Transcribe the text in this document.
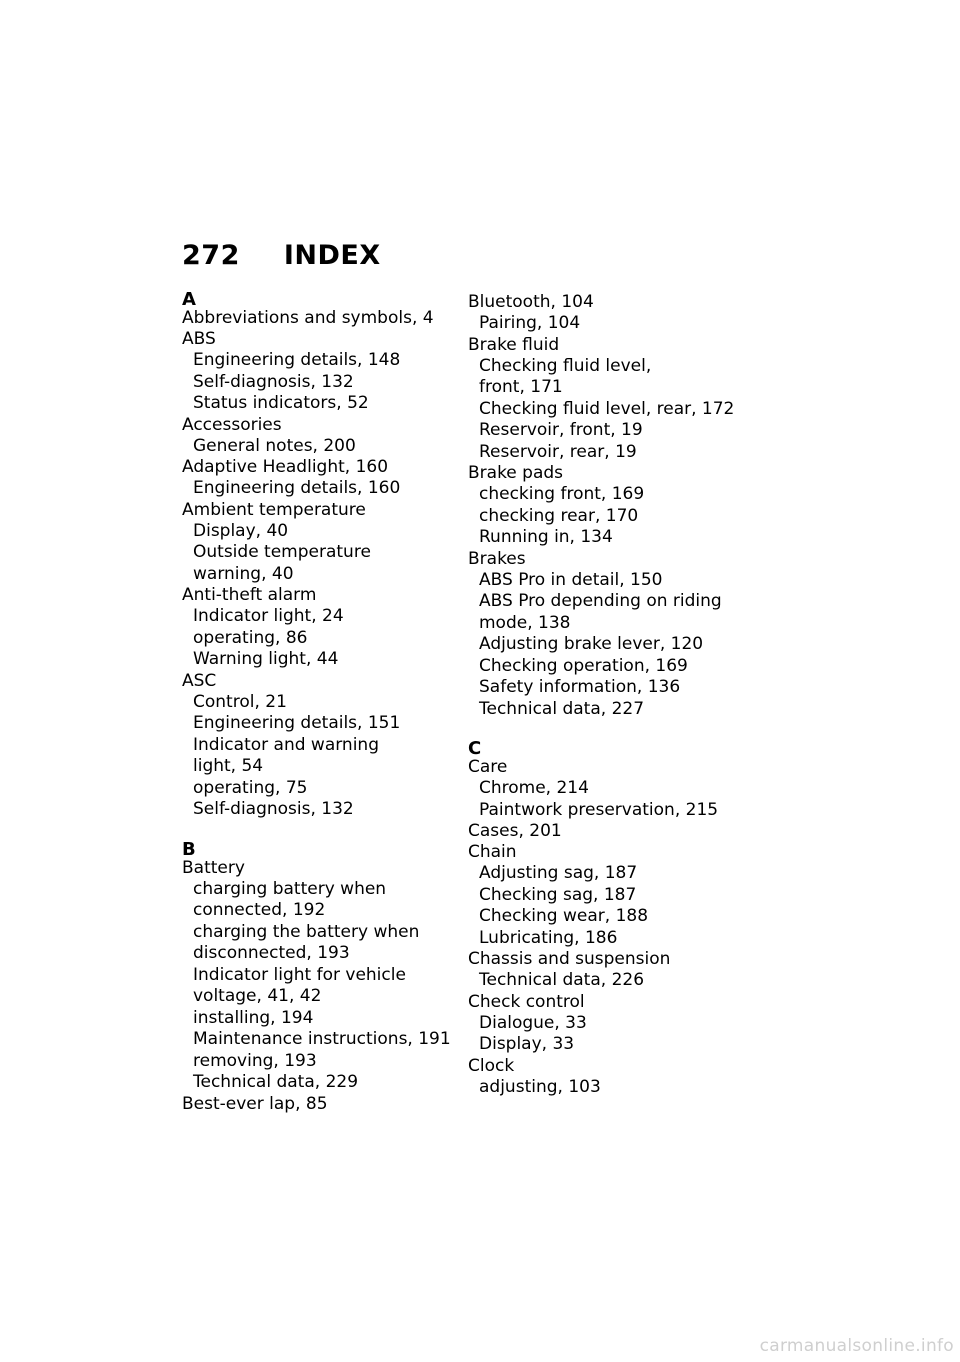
272 INDEX
A
Abbreviations and symbols, 4
ABS
Engineering details, 148
Self-diagnosis, 132
Status indicators, 52
Accessories
General notes, 200
Adaptive Headlight, 160
Engineering details, 160
Ambient temperature
Display, 40
Outside temperature
warning, 40
Anti-theft alarm
Indicator light, 24
operating, 86
Warning light, 44
ASC
Control, 21
Engineering details, 151
Indicator and warning
light, 54
operating, 75
Self-diagnosis, 132
B
Battery
charging battery when
connected, 192
charging the battery when
disconnected, 193
Indicator light for vehicle
voltage, 41, 42
installing, 194
Maintenance instructions, 191
removing, 193
Technical data, 229
Best-ever lap, 85
Bluetooth, 104
Pairing, 104
Brake fluid
Checking fluid level,
front, 171
Checking fluid level, rear, 172
Reservoir, front, 19
Reservoir, rear, 19
Brake pads
checking front, 169
checking rear, 170
Running in, 134
Brakes
ABS Pro in detail, 150
ABS Pro depending on riding
mode, 138
Adjusting brake lever, 120
Checking operation, 169
Safety information, 136
Technical data, 227
C
Care
Chrome, 214
Paintwork preservation, 215
Cases, 201
Chain
Adjusting sag, 187
Checking sag, 187
Checking wear, 188
Lubricating, 186
Chassis and suspension
Technical data, 226
Check control
Dialogue, 33
Display, 33
Clock
adjusting, 103
carmanualsonline.info
